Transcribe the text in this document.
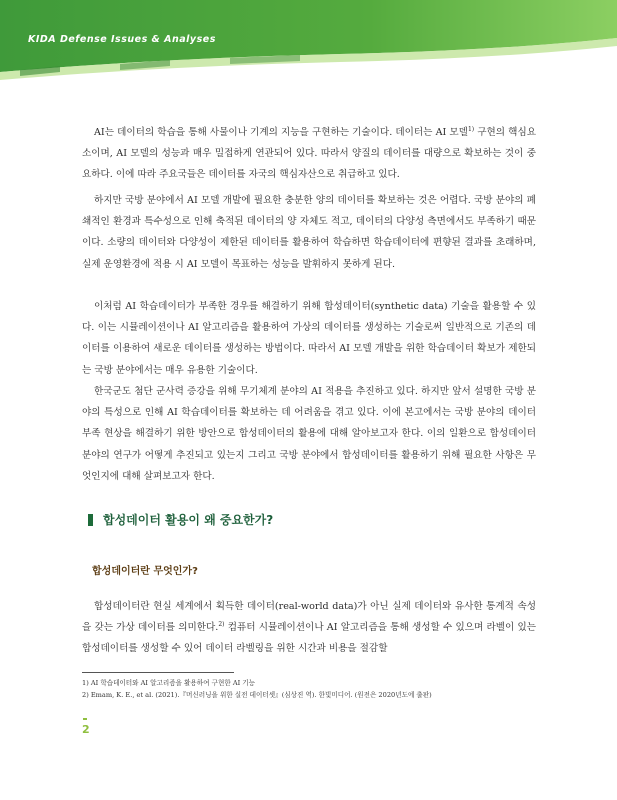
KIDA Defense Issues & Analyses

AI는 데이터의 학습을 통해 사물이나 기계의 지능을 구현하는 기술이다. 데이터는 AI 모델$^{1)}$ 구현의 핵심요소이며, AI 모델의 성능과 매우 밀접하게 연관되어 있다. 따라서 양질의 데이터를 대량으로 확보하는 것이 중요하다. 이에 따라 주요국들은 데이터를 자국의 핵심자산으로 취급하고 있다.

하지만 국방 분야에서 AI 모델 개발에 필요한 충분한 양의 데이터를 확보하는 것은 어렵다. 국방 분야의 폐쇄적인 환경과 특수성으로 인해 축적된 데이터의 양 자체도 적고, 데이터의 다양성 측면에서도 부족하기 때문이다. 소량의 데이터와 다양성이 제한된 데이터를 활용하여 학습하면 학습데이터에 편향된 결과를 초래하며, 실제 운영환경에 적용 시 AI 모델이 목표하는 성능을 발휘하지 못하게 된다.

이처럼 AI 학습데이터가 부족한 경우를 해결하기 위해 합성데이터(synthetic data) 기술을 활용할 수 있다. 이는 시뮬레이션이나 AI 알고리즘을 활용하여 가상의 데이터를 생성하는 기술로써 일반적으로 기존의 데이터를 이용하여 새로운 데이터를 생성하는 방법이다. 따라서 AI 모델 개발을 위한 학습데이터 확보가 제한되는 국방 분야에서는 매우 유용한 기술이다.

한국군도 첨단 군사력 증강을 위해 무기체계 분야의 AI 적용을 추진하고 있다. 하지만 앞서 설명한 국방 분야의 특성으로 인해 AI 학습데이터를 확보하는 데 어려움을 겪고 있다. 이에 본고에서는 국방 분야의 데이터 부족 현상을 해결하기 위한 방안으로 합성데이터의 활용에 대해 알아보고자 한다. 이의 일환으로 합성데이터 분야의 연구가 어떻게 추진되고 있는지 그리고 국방 분야에서 합성데이터를 활용하기 위해 필요한 사항은 무엇인지에 대해 살펴보고자 한다.

합성데이터 활용이 왜 중요한가?
합성데이터란 무엇인가?

합성데이터란 현실 세계에서 획득한 데이터(real-world data)가 아닌 실제 데이터와 유사한 통계적 속성을 갖는 가상 데이터를 의미한다.$^{2)}$ 컴퓨터 시뮬레이션이나 AI 알고리즘을 통해 생성할 수 있으며 라벨이 있는 합성데이터를 생성할 수 있어 데이터 라벨링을 위한 시간과 비용을 절감할

1) AI 학습데이터와 AI 알고리즘을 활용하여 구현한 AI 기능

2) Emam, K. E., et al. (2021).『머신러닝을 위한 실전 데이터셋』(심상진 역). 한빛미디어. (원전은 2020년도에 출판)

2
